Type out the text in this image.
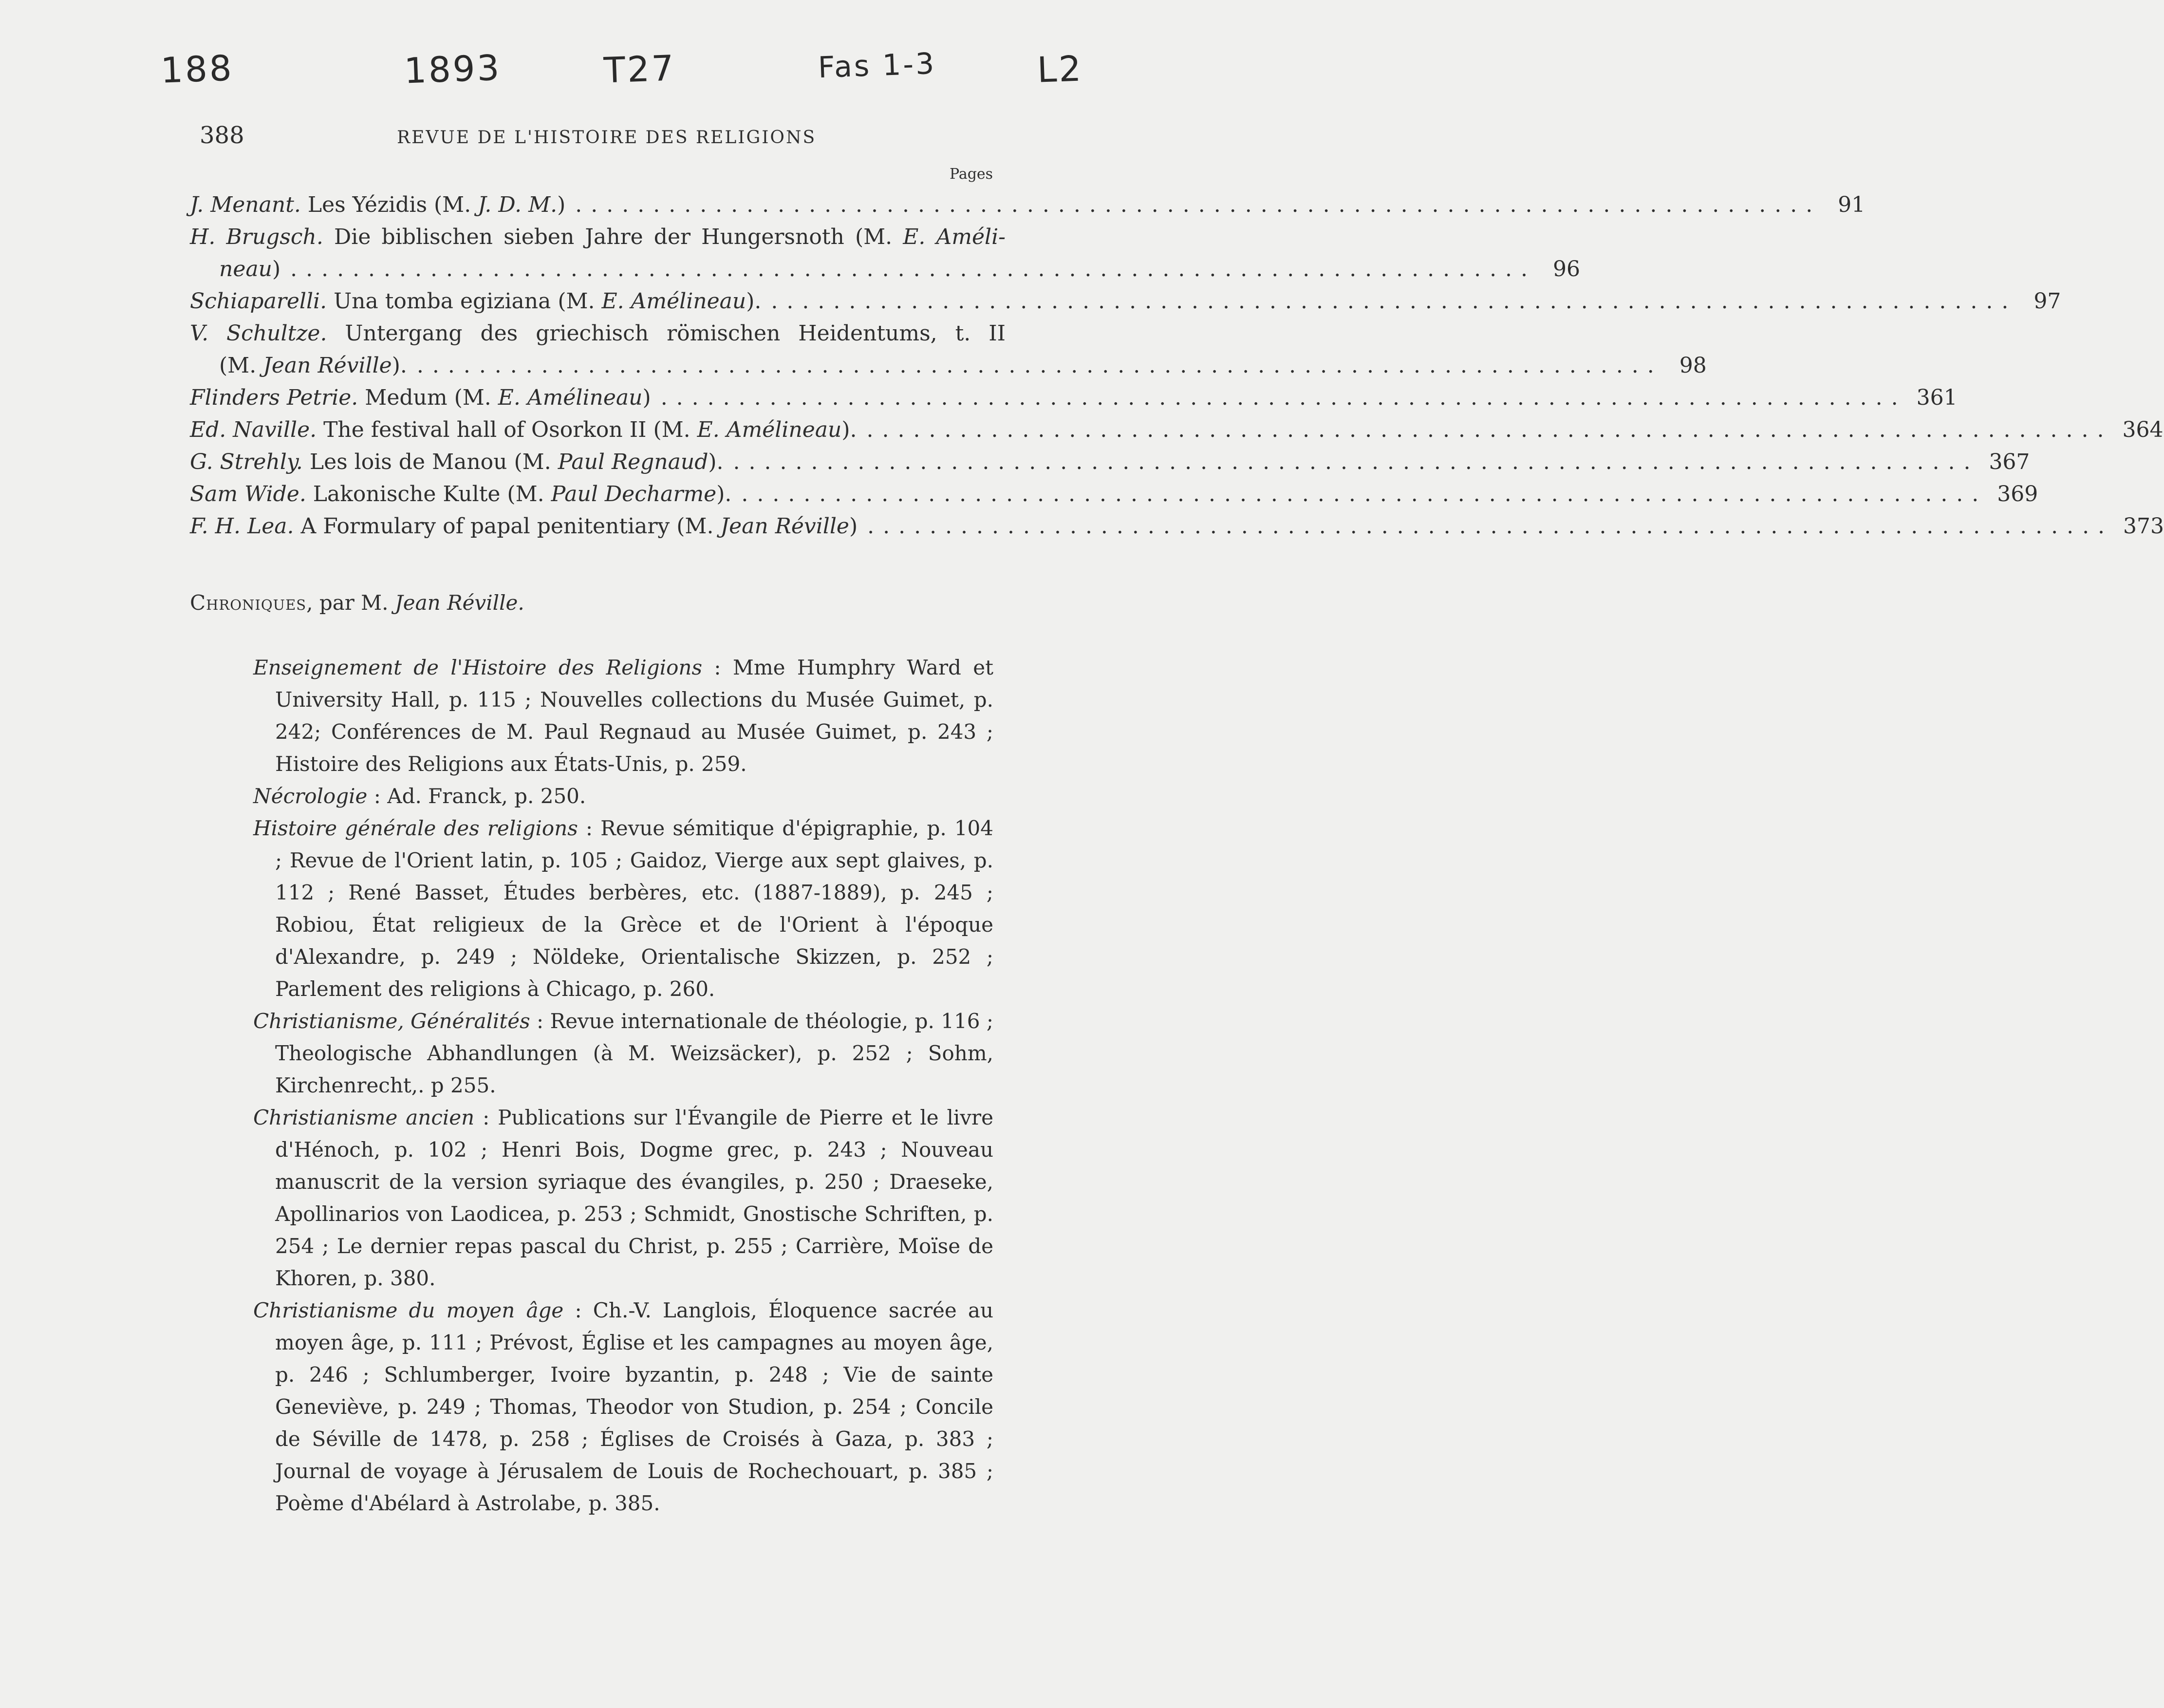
188	1893	T27	Fas 1-3	L2
388	REVUE DE L'HISTOIRE DES RELIGIONS
Pages
J. Menant. Les Yézidis (M. J. D. M.) ................................................................................ 91
H. Brugsch. Die biblischen sieben Jahre der Hungersnoth (M. E. Améli-
neau) ................................................................................ 96
Schiaparelli. Una tomba egiziana (M. E. Amélineau). ................................................................................ 97
V. Schultze. Untergang des griechisch römischen Heidentums, t. II
(M. Jean Réville). ................................................................................ 98
Flinders Petrie. Medum (M. E. Amélineau) ................................................................................ 361
Ed. Naville. The festival hall of Osorkon II (M. E. Amélineau). ................................................................................ 364
G. Strehly. Les lois de Manou (M. Paul Regnaud). ................................................................................ 367
Sam Wide. Lakonische Kulte (M. Paul Decharme). ................................................................................ 369
F. H. Lea. A Formulary of papal penitentiary (M. Jean Réville) ................................................................................ 373
Chroniques, par M. Jean Réville.

Enseignement de l'Histoire des Religions : Mme Humphry Ward et University Hall, p. 115 ; Nouvelles collections du Musée Guimet, p. 242; Conférences de M. Paul Regnaud au Musée Guimet, p. 243 ; Histoire des Religions aux États-Unis, p. 259.

Nécrologie : Ad. Franck, p. 250.

Histoire générale des religions : Revue sémitique d'épigraphie, p. 104 ; Revue de l'Orient latin, p. 105 ; Gaidoz, Vierge aux sept glaives, p. 112 ; René Basset, Études berbères, etc. (1887-1889), p. 245 ; Robiou, État religieux de la Grèce et de l'Orient à l'époque d'Alexandre, p. 249 ; Nöldeke, Orientalische Skizzen, p. 252 ; Parlement des religions à Chicago, p. 260.

Christianisme, Généralités : Revue internationale de théologie, p. 116 ; Theologische Abhandlungen (à M. Weizsäcker), p. 252 ; Sohm, Kirchenrecht,. p 255.

Christianisme ancien : Publications sur l'Évangile de Pierre et le livre d'Hénoch, p. 102 ; Henri Bois, Dogme grec, p. 243 ; Nouveau manuscrit de la version syriaque des évangiles, p. 250 ; Draeseke, Apollinarios von Laodicea, p. 253 ; Schmidt, Gnostische Schriften, p. 254 ; Le dernier repas pascal du Christ, p. 255 ; Carrière, Moïse de Khoren, p. 380.

Christianisme du moyen âge : Ch.-V. Langlois, Éloquence sacrée au moyen âge, p. 111 ; Prévost, Église et les campagnes au moyen âge, p. 246 ; Schlumberger, Ivoire byzantin, p. 248 ; Vie de sainte Geneviève, p. 249 ; Thomas, Theodor von Studion, p. 254 ; Concile de Séville de 1478, p. 258 ; Églises de Croisés à Gaza, p. 383 ; Journal de voyage à Jérusalem de Louis de Rochechouart, p. 385 ; Poème d'Abélard à Astrolabe, p. 385.
